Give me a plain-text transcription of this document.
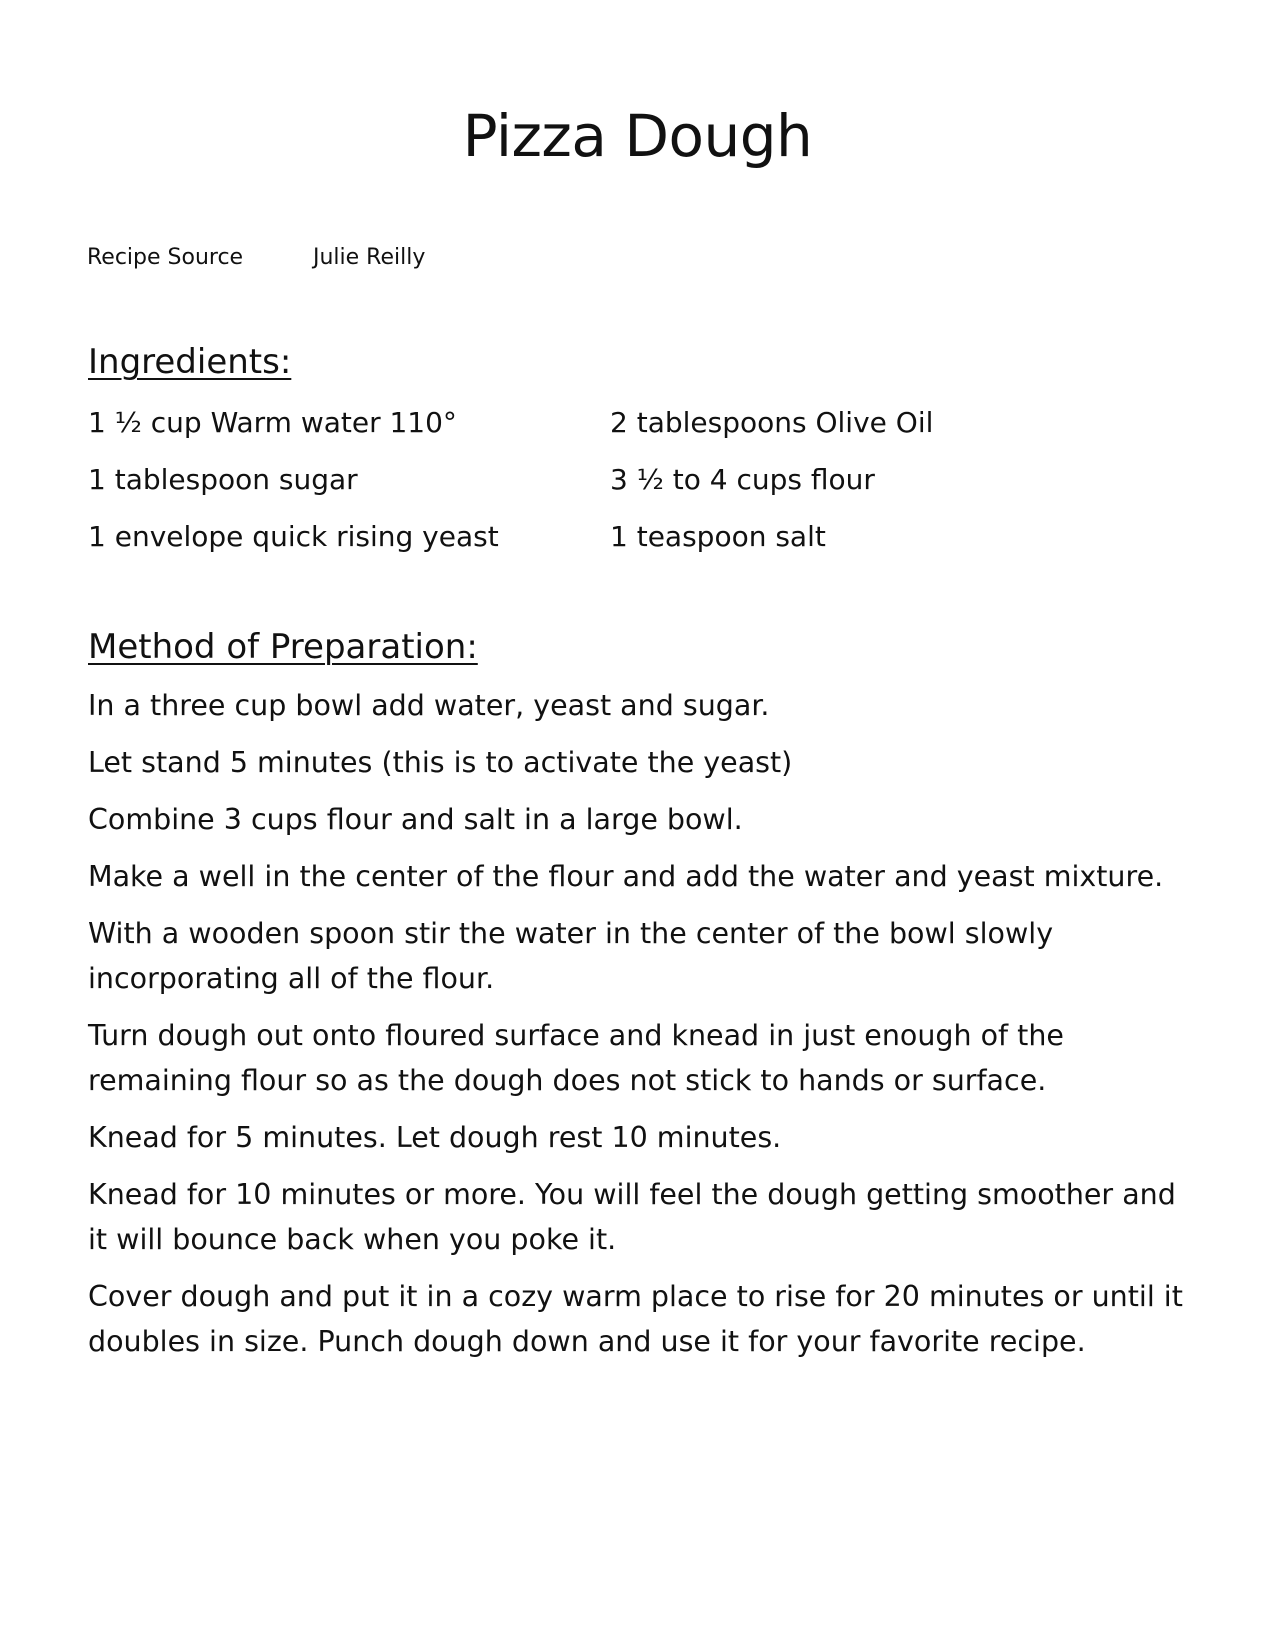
Pizza Dough
Recipe Source	Julie Reilly
Ingredients:
1 ½ cup Warm water 110°	2 tablespoons Olive Oil
1 tablespoon sugar	3 ½ to 4 cups flour
1 envelope quick rising yeast	1 teaspoon salt
Method of Preparation:

In a three cup bowl add water, yeast and sugar.

Let stand 5 minutes (this is to activate the yeast)

Combine 3 cups flour and salt in a large bowl.

Make a well in the center of the flour and add the water and yeast mixture.

With a wooden spoon stir the water in the center of the bowl slowly incorporating all of the flour.

Turn dough out onto floured surface and knead in just enough of the remaining flour so as the dough does not stick to hands or surface.

Knead for 5 minutes. Let dough rest 10 minutes.

Knead for 10 minutes or more. You will feel the dough getting smoother and it will bounce back when you poke it.

Cover dough and put it in a cozy warm place to rise for 20 minutes or until it doubles in size. Punch dough down and use it for your favorite recipe.
